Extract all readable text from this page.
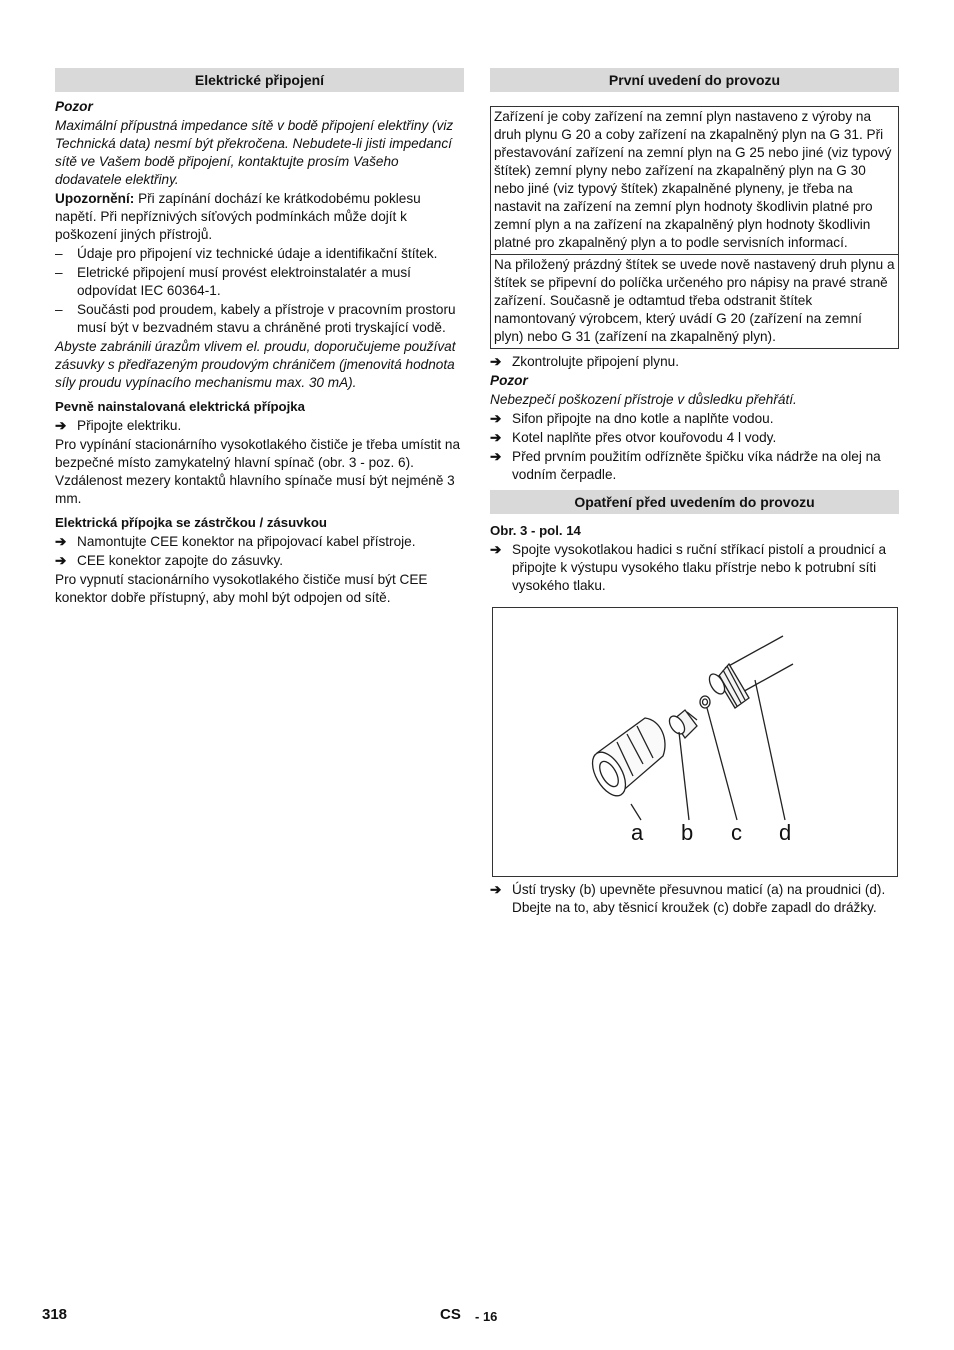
Elektrické připojení

Pozor

Maximální přípustná impedance sítě v bodě připojení elektřiny (viz Technická data) nesmí být překročena. Nebudete-li jisti impedancí sítě ve Vašem bodě připojení, kontaktujte prosím Vašeho dodavatele elektřiny.

Upozornění: Při zapínání dochází ke krátkodobému poklesu napětí. Při nepříznivých síťových podmínkách může dojít k poškození jiných přístrojů.

– Údaje pro připojení viz technické údaje a identifikační štítek.

– Eletrické připojení musí provést elektroinstalatér a musí odpovídat IEC 60364-1.

– Součásti pod proudem, kabely a přístroje v pracovním prostoru musí být v bezvadném stavu a chráněné proti tryskající vodě.

Abyste zabránili úrazům vlivem el. proudu, doporučujeme používat zásuvky s předřazeným proudovým chráničem (jmenovitá hodnota síly proudu vypínacího mechanismu max. 30 mA).

Pevně nainstalovaná elektrická přípojka

➔ Připojte elektriku.

Pro vypínání stacionárního vysokotlakého čističe je třeba umístit na bezpečné místo zamykatelný hlavní spínač (obr. 3 - poz. 6). Vzdálenost mezery kontaktů hlavního spínače musí být nejméně 3 mm.

Elektrická přípojka se zástrčkou / zásuvkou

➔ Namontujte CEE konektor na připojovací kabel přístroje.

➔ CEE konektor zapojte do zásuvky.

Pro vypnutí stacionárního vysokotlakého čističe musí být CEE konektor dobře přístupný, aby mohl být odpojen od sítě.

První uvedení do provozu
Zařízení je coby zařízení na zemní plyn nastaveno z výroby na druh plynu G 20 a coby zařízení na zkapalněný plyn na G 31. Při přestavování zařízení na zemní plyn na G 25 nebo jiné (viz typový štítek) zemní plyny nebo zařízení na zkapalněný plyn na G 30 nebo jiné (viz typový štítek) zkapalněné plyneny, je třeba na nastavit na zařízení na zemní plyn hodnoty škodlivin platné pro zemní plyn a na zařízení na zkapalněný plyn hodnoty škodlivin platné pro zkapalněný plyn a to podle servisních informací.
Na přiložený prázdný štítek se uvede nově nastavený druh plynu a štítek se připevní do políčka určeného pro nápisy na pravé straně zařízení. Současně je odtamtud třeba odstranit štítek namontovaný výrobcem, který uvádí G 20 (zařízení na zemní plyn) nebo G 31 (zařízení na zkapalněný plyn).

➔ Zkontrolujte připojení plynu.

Pozor

Nebezpečí poškození přístroje v důsledku přehřátí.

➔ Sifon připojte na dno kotle a naplňte vodou.

➔ Kotel naplňte přes otvor kouřovodu 4 l vody.

➔ Před prvním použitím odřízněte špičku víka nádrže na olej na vodním čerpadle.

Opatření před uvedením do provozu

Obr. 3 - pol. 14

➔ Spojte vysokotlakou hadici s ruční stříkací pistolí a proudnicí a připojte k výstupu vysokého tlaku přístrje nebo k potrubní síti vysokého tlaku.

a b c d

➔ Ústí trysky (b) upevněte přesuvnou maticí (a) na proudnici (d). Dbejte na to, aby těsnicí kroužek (c) dobře zapadl do drážky.

318	CS - 16
